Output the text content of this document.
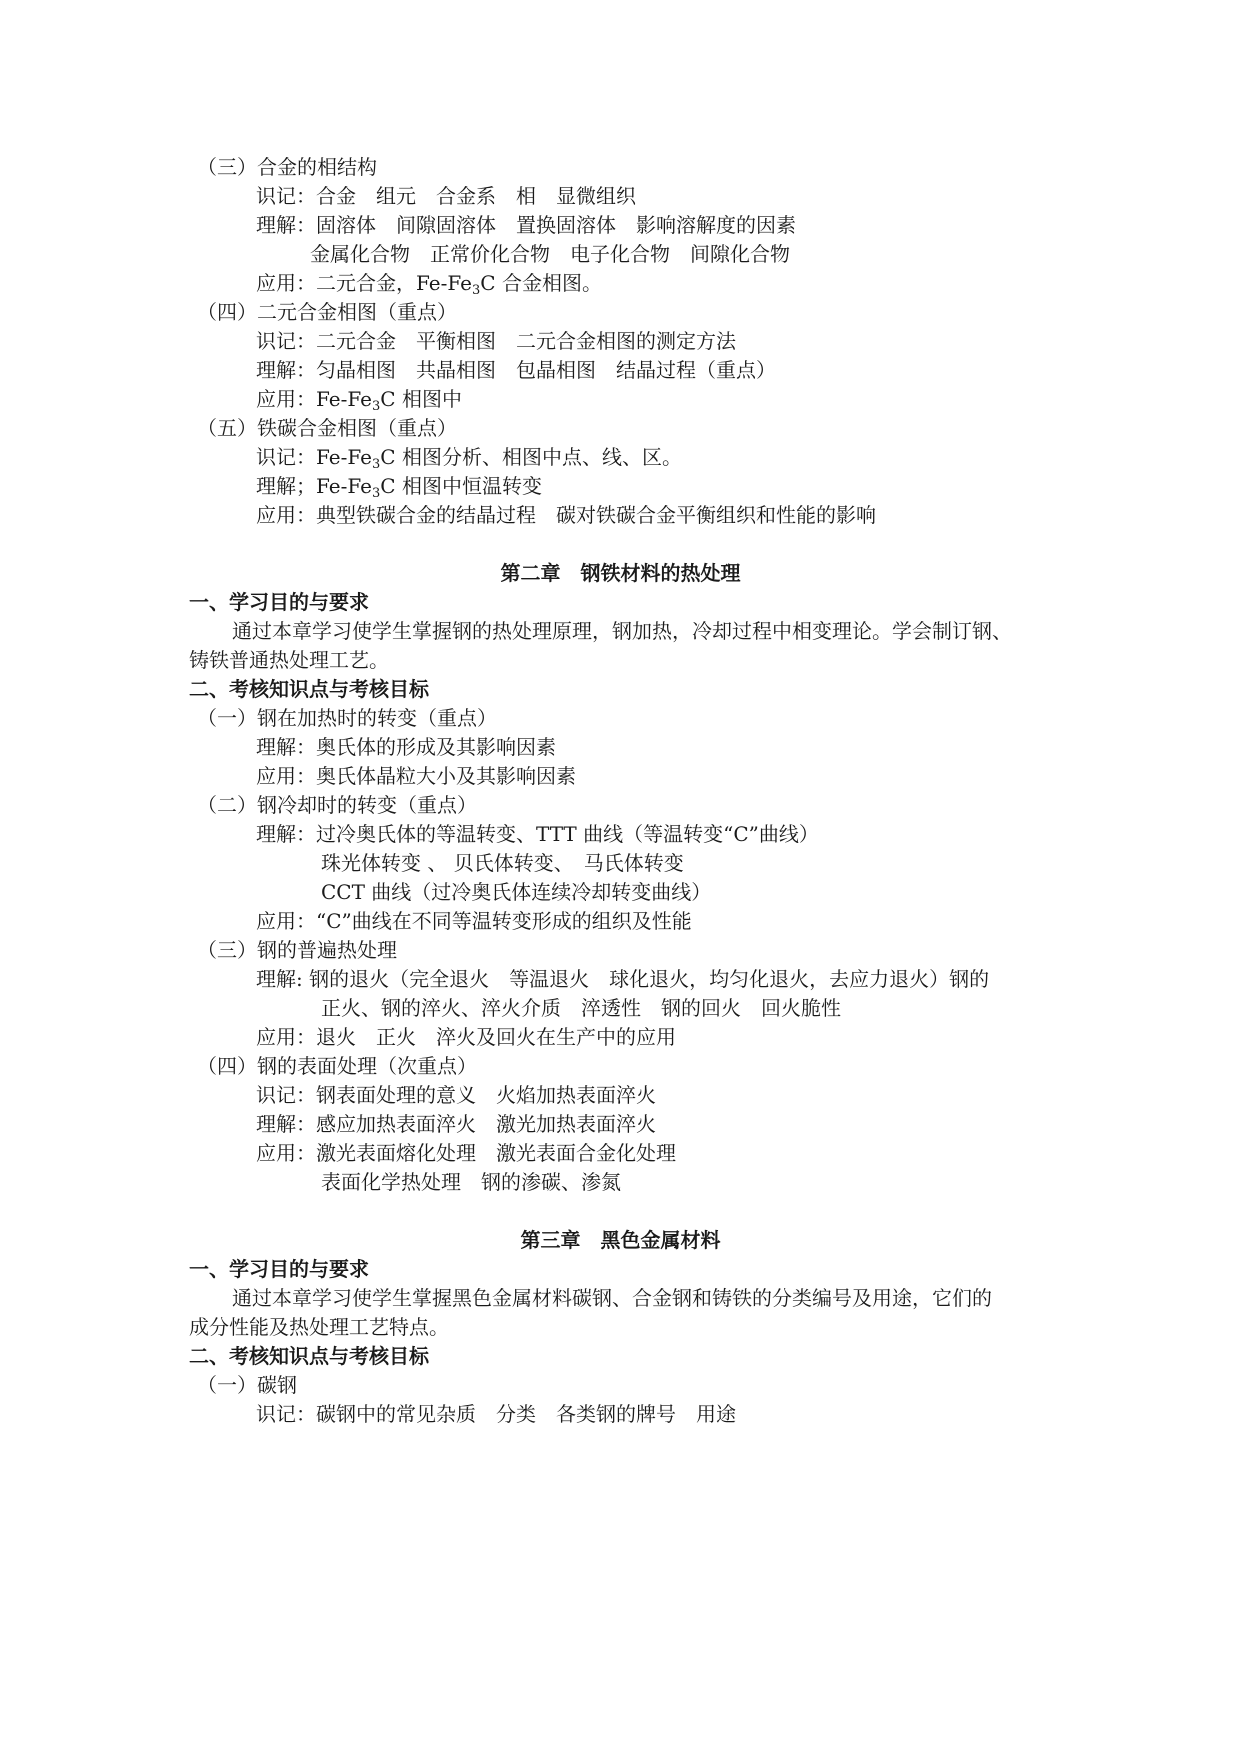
（三）合金的相结构
识记：合金　组元　合金系　相　显微组织
理解：固溶体　间隙固溶体　置换固溶体　影响溶解度的因素
金属化合物　正常价化合物　电子化合物　间隙化合物
应用：二元合金，$Fe-Fe_3C$ 合金相图。
（四）二元合金相图（重点）
识记：二元合金　平衡相图　二元合金相图的测定方法
理解：匀晶相图　共晶相图　包晶相图　结晶过程（重点）
应用：$Fe-Fe_3C$ 相图中
（五）铁碳合金相图（重点）
识记：$Fe-Fe_3C$ 相图分析、相图中点、线、区。
理解；$Fe-Fe_3C$ 相图中恒温转变
应用：典型铁碳合金的结晶过程　碳对铁碳合金平衡组织和性能的影响
第二章　钢铁材料的热处理
一、学习目的与要求
通过本章学习使学生掌握钢的热处理原理，钢加热，冷却过程中相变理论。学会制订钢、
铸铁普通热处理工艺。
二、考核知识点与考核目标
（一）钢在加热时的转变（重点）
理解：奥氏体的形成及其影响因素
应用：奥氏体晶粒大小及其影响因素
（二）钢冷却时的转变（重点）
理解：过冷奥氏体的等温转变、TTT 曲线（等温转变“C”曲线）
珠光体转变 、 贝氏体转变、　马氏体转变
CCT 曲线（过冷奥氏体连续冷却转变曲线）
应用：“C”曲线在不同等温转变形成的组织及性能
（三）钢的普遍热处理
理解: 钢的退火（完全退火　等温退火　球化退火，均匀化退火，去应力退火）钢的
正火、钢的淬火、淬火介质　淬透性　钢的回火　回火脆性
应用：退火　正火　淬火及回火在生产中的应用
（四）钢的表面处理（次重点）
识记：钢表面处理的意义　火焰加热表面淬火
理解：感应加热表面淬火　激光加热表面淬火
应用：激光表面熔化处理　激光表面合金化处理
表面化学热处理　钢的渗碳、渗氮
第三章　黑色金属材料
一、学习目的与要求
通过本章学习使学生掌握黑色金属材料碳钢、合金钢和铸铁的分类编号及用途，它们的
成分性能及热处理工艺特点。
二、考核知识点与考核目标
（一）碳钢
识记：碳钢中的常见杂质　分类　各类钢的牌号　用途
